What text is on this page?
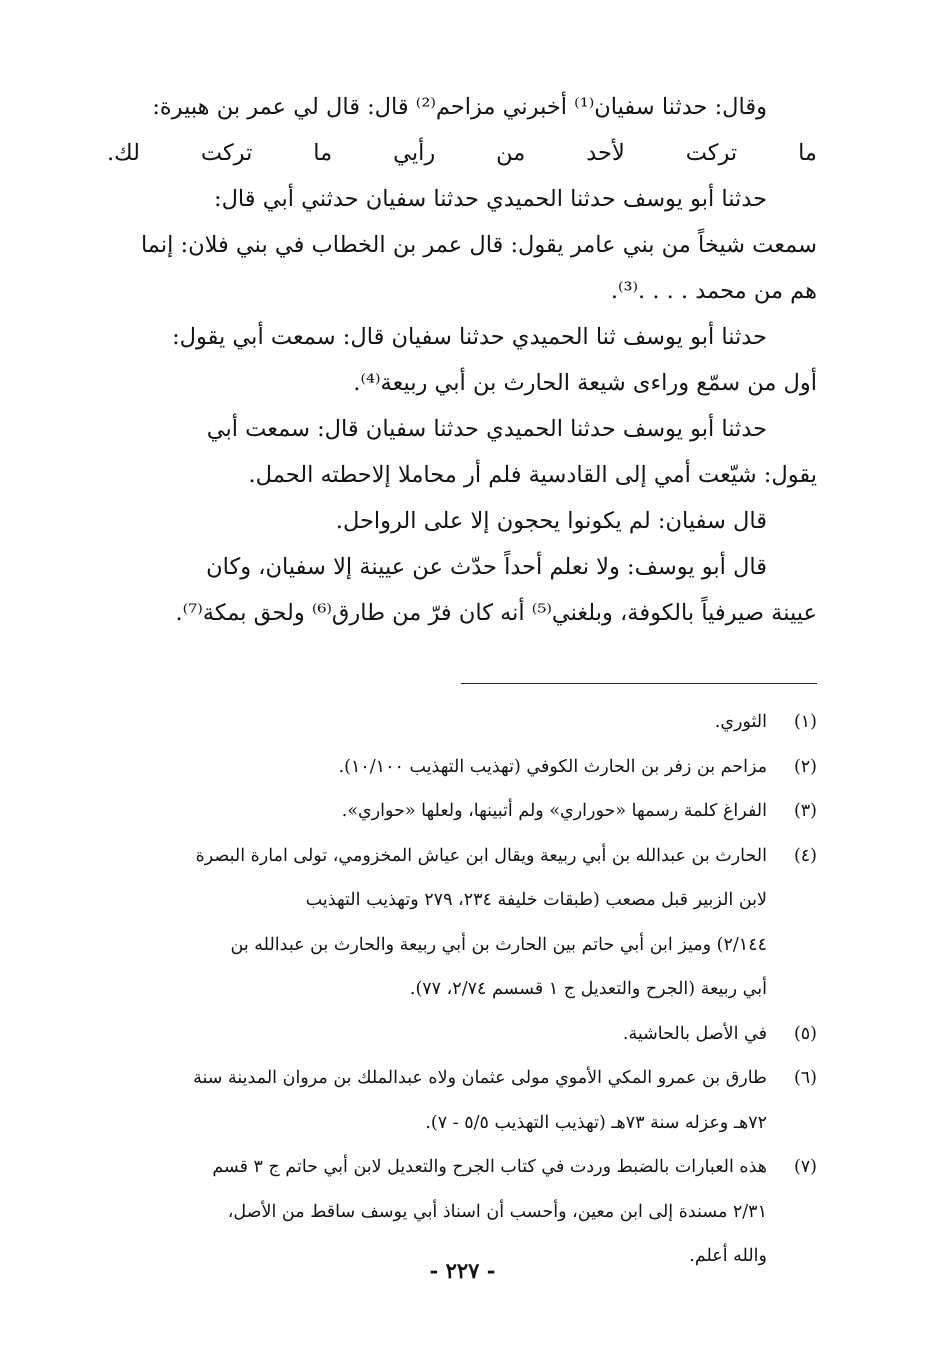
وقال: حدثنا سفيان⁽¹⁾ أخبرني مزاحم⁽²⁾ قال: قال لي عمر بن هبيرة:
ما تركت لأحد من رأيي ما تركت لك.
حدثنا أبو يوسف حدثنا الحميدي حدثنا سفيان حدثني أبي قال:
سمعت شيخاً من بني عامر يقول: قال عمر بن الخطاب في بني فلان: إنما
هم من محمد . . . .⁽³⁾.
حدثنا أبو يوسف ثنا الحميدي حدثنا سفيان قال: سمعت أبي يقول:
أول من سمّع وراءى شيعة الحارث بن أبي ربيعة⁽⁴⁾.
حدثنا أبو يوسف حدثنا الحميدي حدثنا سفيان قال: سمعت أبي
يقول: شيّعت أمي إلى القادسية فلم أر محاملا إلاحطته الحمل.
قال سفيان: لم يكونوا يحجون إلا على الرواحل.
قال أبو يوسف: ولا نعلم أحداً حدّث عن عيينة إلا سفيان، وكان
عيينة صيرفياً بالكوفة، وبلغني⁽⁵⁾ أنه كان فرّ من طارق⁽⁶⁾ ولحق بمكة⁽⁷⁾.
(١)
الثوري.
(٢)
مزاحم بن زفر بن الحارث الكوفي (تهذيب التهذيب ١٠/١٠٠).
(٣)
الفراغ كلمة رسمها «حوراري» ولم أتبينها، ولعلها «حواري».
(٤)
الحارث بن عبدالله بن أبي ربيعة ويقال ابن عياش المخزومي، تولى امارة البصرة
لابن الزبير قبل مصعب (طبقات خليفة ٢٣٤، ٢٧٩ وتهذيب التهذيب
٢/١٤٤) وميز ابن أبي حاتم بين الحارث بن أبي ربيعة والحارث بن عبدالله بن
أبي ربيعة (الجرح والتعديل ج ١ قسسم ٢/٧٤، ٧٧).
(٥)
في الأصل بالحاشية.
(٦)
طارق بن عمرو المكي الأموي مولى عثمان ولاه عبدالملك بن مروان المدينة سنة
٧٢هـ وعزله سنة ٧٣هـ (تهذيب التهذيب ٥/٥ - ٧).
(٧)
هذه العبارات بالضبط وردت في كتاب الجرح والتعديل لابن أبي حاتم ج ٣ قسم
٢/٣١ مسندة إلى ابن معين، وأحسب أن اسناذ أبي يوسف ساقط من الأصل،
والله أعلم.
- ٢٢٧ -
